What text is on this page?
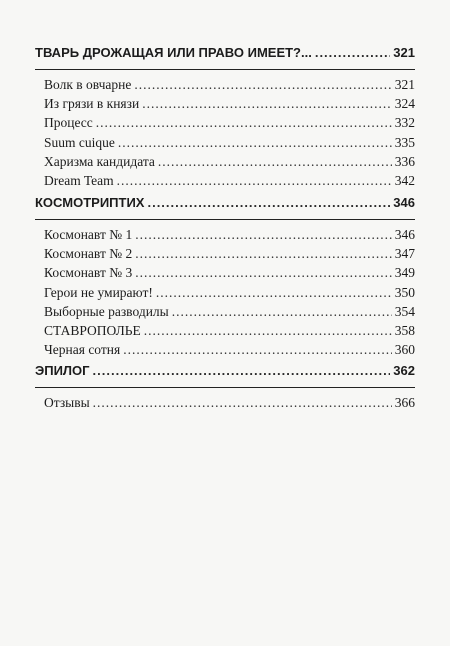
ТВАРЬ ДРОЖАЩАЯ ИЛИ ПРАВО ИМЕЕТ?... .....	321
Волк в овчарне .....	321
Из грязи в князи .....	324
Процесс .....	332
Suum cuique .....	335
Харизма кандидата .....	336
Dream Team .....	342
КОСМОТРИПТИХ .....	346
Космонавт № 1 .....	346
Космонавт № 2 .....	347
Космонавт № 3 .....	349
Герои не умирают! .....	350
Выборные разводилы .....	354
СТАВРОПОЛЬЕ .....	358
Черная сотня .....	360
ЭПИЛОГ .....	362
Отзывы .....	366
